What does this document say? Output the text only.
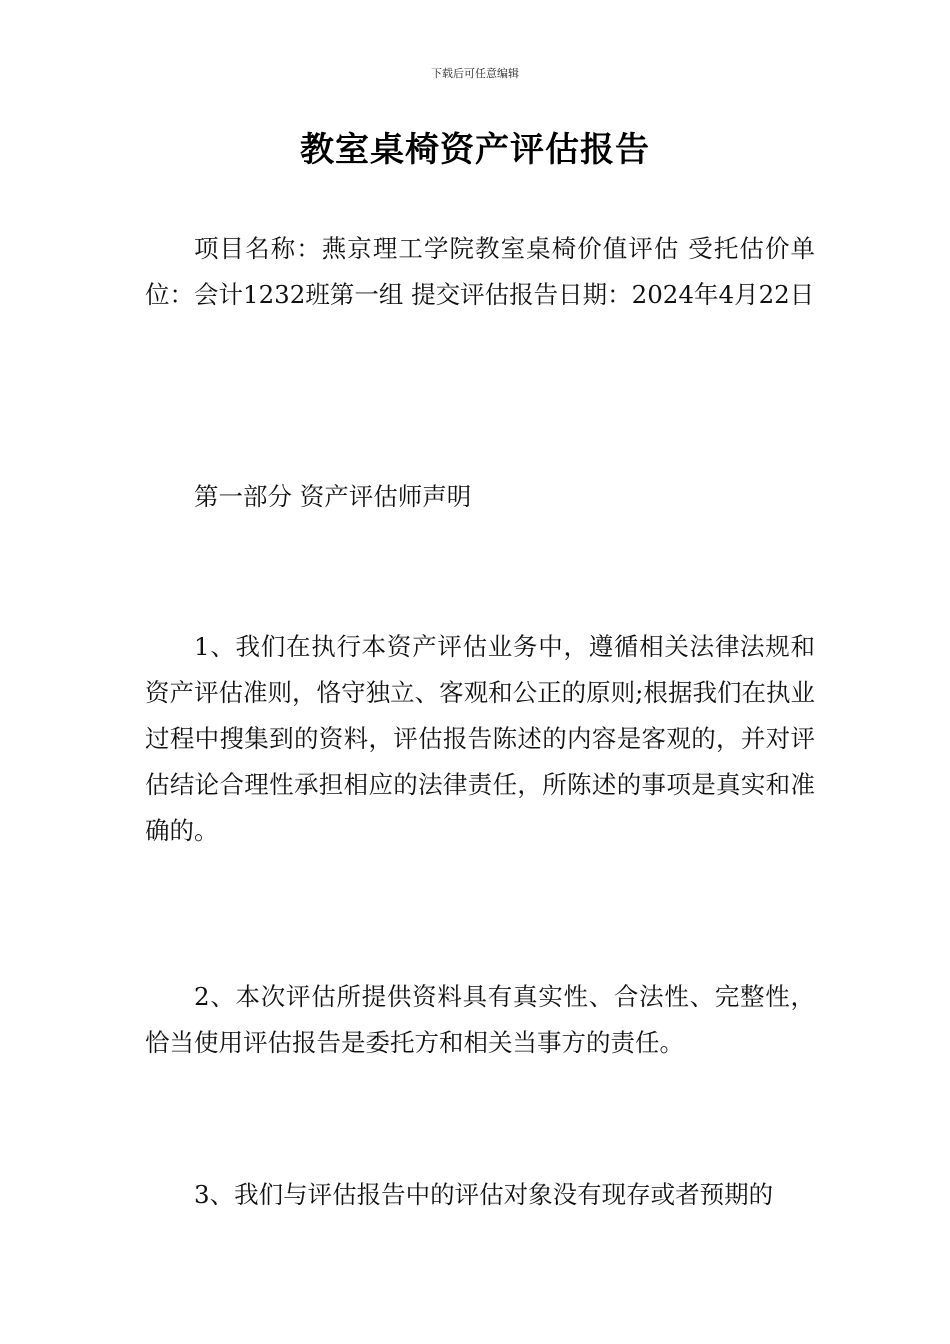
下载后可任意编辑
教室桌椅资产评估报告

项目名称：燕京理工学院教室桌椅价值评估 受托估价单位：会计1232班第一组 提交评估报告日期：2024年4月22日

第一部分 资产评估师声明

1、我们在执行本资产评估业务中，遵循相关法律法规和资产评估准则，恪守独立、客观和公正的原则;根据我们在执业过程中搜集到的资料，评估报告陈述的内容是客观的，并对评估结论合理性承担相应的法律责任，所陈述的事项是真实和准确的。

2、本次评估所提供资料具有真实性、合法性、完整性，恰当使用评估报告是委托方和相关当事方的责任。

3、我们与评估报告中的评估对象没有现存或者预期的
